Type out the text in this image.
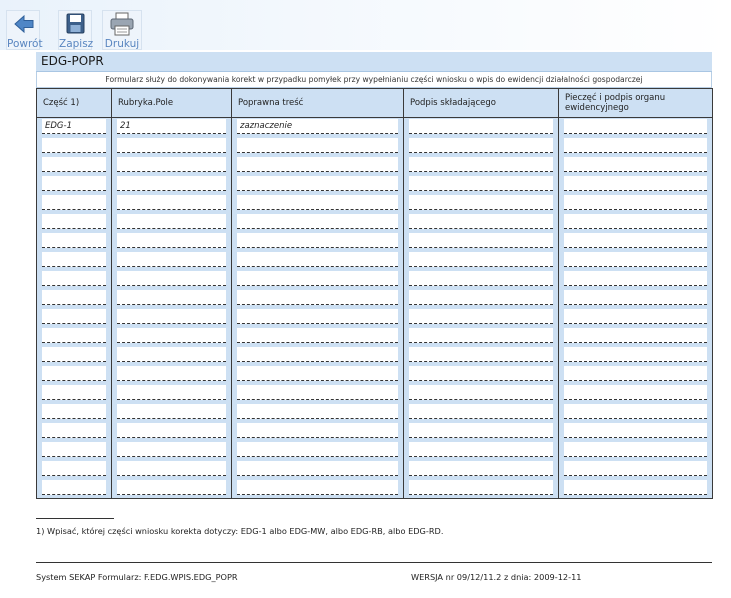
Powrót Zapisz Drukuj
EDG-POPR
Formularz służy do dokonywania korekt w przypadku pomyłek przy wypełnianiu części wniosku o wpis do ewidencji działalności gospodarczej
Część 1)	Rubryka.Pole	Poprawna treść	Podpis składającego	Pieczęć i podpis organu ewidencyjnego

EDG-1	21	zaznaczenie		

1) Wpisać, której części wniosku korekta dotyczy: EDG-1 albo EDG-MW, albo EDG-RB, albo EDG-RD.
System SEKAP Formularz: F.EDG.WPIS.EDG_POPR	WERSJA nr 09/12/11.2 z dnia: 2009-12-11
